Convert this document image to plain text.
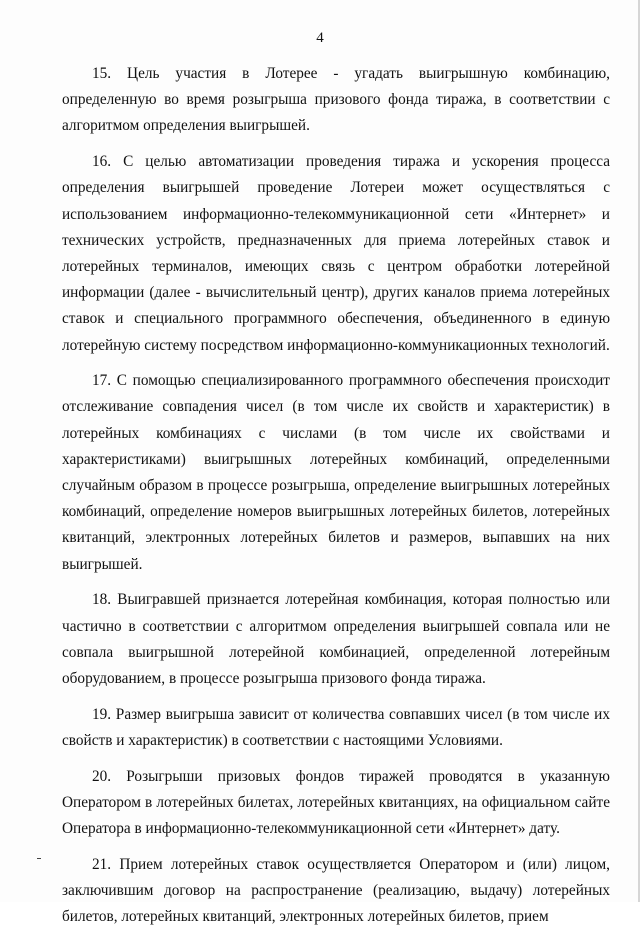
4

15. Цель участия в Лотерее - угадать выигрышную комбинацию, определенную во время розыгрыша призового фонда тиража, в соответствии с алгоритмом определения выигрышей.

16. С целью автоматизации проведения тиража и ускорения процесса определения выигрышей проведение Лотереи может осуществляться с использованием информационно-телекоммуникационной сети «Интернет» и технических устройств, предназначенных для приема лотерейных ставок и лотерейных терминалов, имеющих связь с центром обработки лотерейной информации (далее - вычислительный центр), других каналов приема лотерейных ставок и специального программного обеспечения, объединенного в единую лотерейную систему посредством информационно-коммуникационных технологий.

17. С помощью специализированного программного обеспечения происходит отслеживание совпадения чисел (в том числе их свойств и характеристик) в лотерейных комбинациях с числами (в том числе их свойствами и характеристиками) выигрышных лотерейных комбинаций, определенными случайным образом в процессе розыгрыша, определение выигрышных лотерейных комбинаций, определение номеров выигрышных лотерейных билетов, лотерейных квитанций, электронных лотерейных билетов и размеров, выпавших на них выигрышей.

18. Выигравшей признается лотерейная комбинация, которая полностью или частично в соответствии с алгоритмом определения выигрышей совпала или не совпала выигрышной лотерейной комбинацией, определенной лотерейным оборудованием, в процессе розыгрыша призового фонда тиража.

19. Размер выигрыша зависит от количества совпавших чисел (в том числе их свойств и характеристик) в соответствии с настоящими Условиями.

20. Розыгрыши призовых фондов тиражей проводятся в указанную Оператором в лотерейных билетах, лотерейных квитанциях, на официальном сайте Оператора в информационно-телекоммуникационной сети «Интернет» дату.

21. Прием лотерейных ставок осуществляется Оператором и (или) лицом, заключившим договор на распространение (реализацию, выдачу) лотерейных билетов, лотерейных квитанций, электронных лотерейных билетов, прием
